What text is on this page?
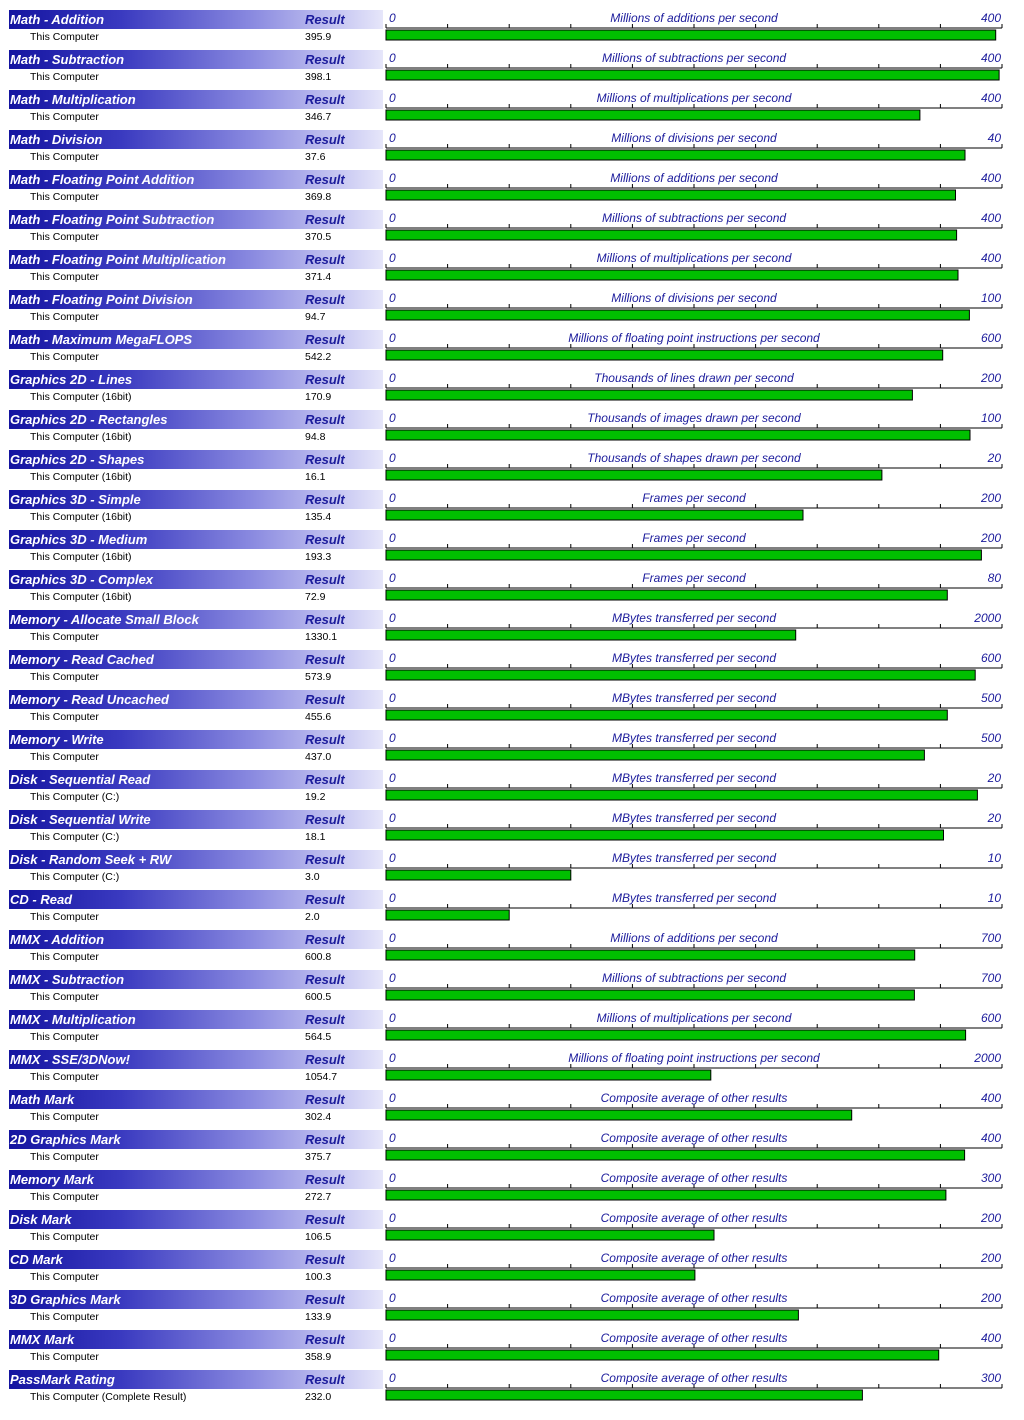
Math - Addition	Result
This Computer	395.9
0	Millions of additions per second	400
Math - Subtraction	Result
This Computer	398.1
0	Millions of subtractions per second	400
Math - Multiplication	Result
This Computer	346.7
0	Millions of multiplications per second	400
Math - Division	Result
This Computer	37.6
0	Millions of divisions per second	40
Math - Floating Point Addition	Result
This Computer	369.8
0	Millions of additions per second	400
Math - Floating Point Subtraction	Result
This Computer	370.5
0	Millions of subtractions per second	400
Math - Floating Point Multiplication	Result
This Computer	371.4
0	Millions of multiplications per second	400
Math - Floating Point Division	Result
This Computer	94.7
0	Millions of divisions per second	100
Math - Maximum MegaFLOPS	Result
This Computer	542.2
0	Millions of floating point instructions per second	600
Graphics 2D - Lines	Result
This Computer (16bit)	170.9
0	Thousands of lines drawn per second	200
Graphics 2D - Rectangles	Result
This Computer (16bit)	94.8
0	Thousands of images drawn per second	100
Graphics 2D - Shapes	Result
This Computer (16bit)	16.1
0	Thousands of shapes drawn per second	20
Graphics 3D - Simple	Result
This Computer (16bit)	135.4
0	Frames per second	200
Graphics 3D - Medium	Result
This Computer (16bit)	193.3
0	Frames per second	200
Graphics 3D - Complex	Result
This Computer (16bit)	72.9
0	Frames per second	80
Memory - Allocate Small Block	Result
This Computer	1330.1
0	MBytes transferred per second	2000
Memory - Read Cached	Result
This Computer	573.9
0	MBytes transferred per second	600
Memory - Read Uncached	Result
This Computer	455.6
0	MBytes transferred per second	500
Memory - Write	Result
This Computer	437.0
0	MBytes transferred per second	500
Disk - Sequential Read	Result
This Computer (C:)	19.2
0	MBytes transferred per second	20
Disk - Sequential Write	Result
This Computer (C:)	18.1
0	MBytes transferred per second	20
Disk - Random Seek + RW	Result
This Computer (C:)	3.0
0	MBytes transferred per second	10
CD - Read	Result
This Computer	2.0
0	MBytes transferred per second	10
MMX - Addition	Result
This Computer	600.8
0	Millions of additions per second	700
MMX - Subtraction	Result
This Computer	600.5
0	Millions of subtractions per second	700
MMX - Multiplication	Result
This Computer	564.5
0	Millions of multiplications per second	600
MMX - SSE/3DNow!	Result
This Computer	1054.7
0	Millions of floating point instructions per second	2000
Math Mark	Result
This Computer	302.4
0	Composite average of other results	400
2D Graphics Mark	Result
This Computer	375.7
0	Composite average of other results	400
Memory Mark	Result
This Computer	272.7
0	Composite average of other results	300
Disk Mark	Result
This Computer	106.5
0	Composite average of other results	200
CD Mark	Result
This Computer	100.3
0	Composite average of other results	200
3D Graphics Mark	Result
This Computer	133.9
0	Composite average of other results	200
MMX Mark	Result
This Computer	358.9
0	Composite average of other results	400
PassMark Rating	Result
This Computer (Complete Result)	232.0
0	Composite average of other results	300
